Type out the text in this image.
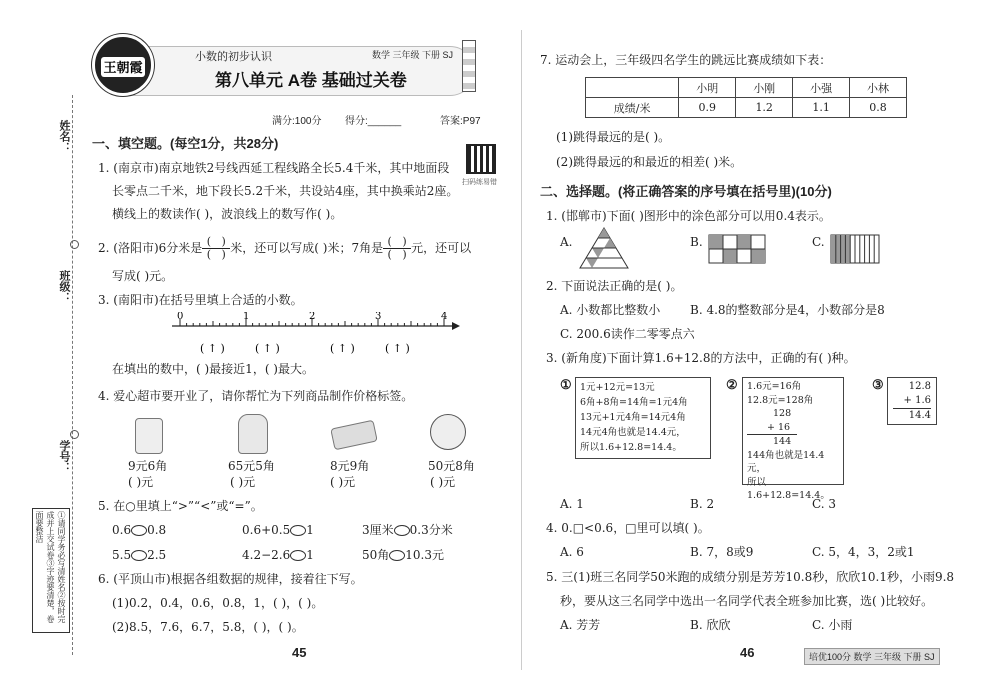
姓名：
班级：
学号：
①请同学务必写清姓名②按时完成并上交试卷③字迹要清楚，卷面要整洁
王朝霞
小数的初步认识	数学 三年级 下册 SJ
第八单元 A卷 基础过关卷
满分:100分 得分:______	答案:P97
扫码练易错
一、填空题。(每空1分，共28分)
1. (南京市)南京地铁2号线西延工程线路全长5.4千米，其中地面段
长零点二千米，地下段长5.2千米，共设站4座，其中换乘站2座。
横线上的数读作( )，波浪线上的数写作( )。
2. (洛阳市)6分米是 $\frac{( )}{( )}$ 米，还可以写成( )米；7角是 $\frac{( )}{( )}$ 元，还可以
写成( )元。
3. (南阳市)在括号里填上合适的小数。
0	1	2	3	4
( ↑ )	( ↑ )	( ↑ )	( ↑ )
在填出的数中，( )最接近1，( )最大。
4. 爱心超市要开业了，请你帮忙为下列商品制作价格标签。
9元6角
( )元
65元5角
( )元
8元9角
( )元
50元8角
( )元
5. 在○里填上“>”“<”或“=”。
0.6 0.8	0.6+0.5 1	3厘米 0.3分米
5.5 2.5	4.2−2.6 1	50角 10.3元
6. (平顶山市)根据各组数据的规律，接着往下写。
(1)0.2，0.4，0.6，0.8，1，( )，( )。
(2)8.5，7.6，6.7，5.8，( )，( )。
45
7. 运动会上，三年级四名学生的跳远比赛成绩如下表：
	小明	小刚	小强	小林
成绩/米	0.9	1.2	1.1	0.8
(1)跳得最远的是( )。
(2)跳得最远的和最近的相差( )米。
二、选择题。(将正确答案的序号填在括号里)(10分)
1. (邯郸市)下面( )图形中的涂色部分可以用0.4表示。
A.	B.	C.
2. 下面说法正确的是( )。
A. 小数都比整数小 B. 4.8的整数部分是4，小数部分是8
C. 200.6读作二零零点六
3. (新角度)下面计算1.6+12.8的方法中，正确的有( )种。
① 1元+12元=13元
6角+8角=14角=1元4角
13元+1元4角=14元4角
14元4角也就是14.4元，
所以1.6+12.8=14.4。
② 1.6元=16角
12.8元=128角
128
+ 16
144
144角也就是14.4元，
所以1.6+12.8=14.4。
③	12.8
+ 1.6
14.4
A. 1	B. 2	C. 3
4. 0.□<0.6，□里可以填( )。
A. 6	B. 7，8或9	C. 5，4，3，2或1
5. 三(1)班三名同学50米跑的成绩分别是芳芳10.8秒，欣欣10.1秒，小雨9.8
秒，要从这三名同学中选出一名同学代表全班参加比赛，选( )比较好。
A. 芳芳	B. 欣欣	C. 小雨
46	培优100分 数学 三年级 下册 SJ
